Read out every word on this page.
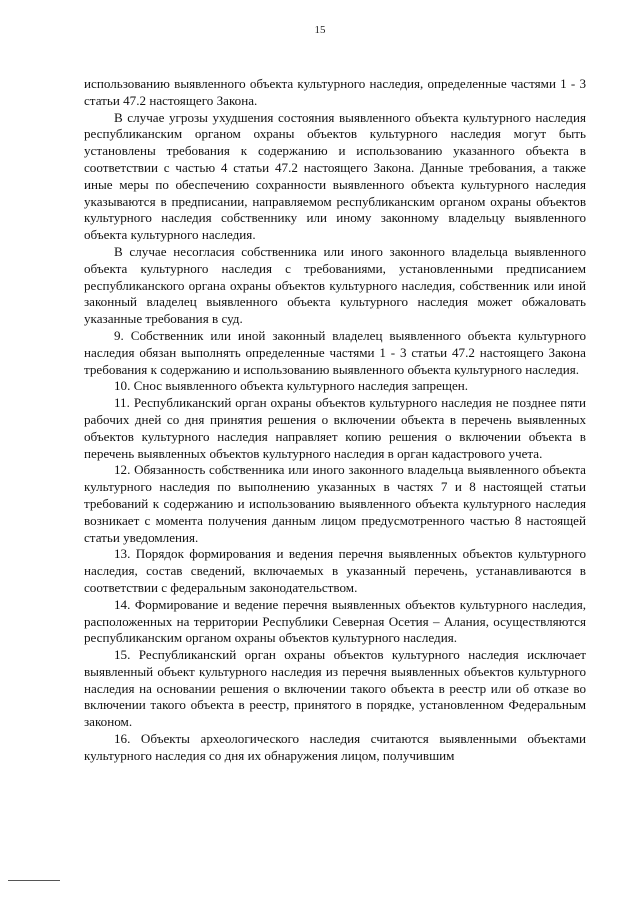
15

использованию выявленного объекта культурного наследия, определенные частями 1 - 3 статьи 47.2 настоящего Закона.

В случае угрозы ухудшения состояния выявленного объекта культурного наследия республиканским органом охраны объектов культурного наследия могут быть установлены требования к содержанию и использованию указанного объекта в соответствии с частью 4 статьи 47.2 настоящего Закона. Данные требования, а также иные меры по обеспечению сохранности выявленного объекта культурного наследия указываются в предписании, направляемом республиканским органом охраны объектов культурного наследия собственнику или иному законному владельцу выявленного объекта культурного наследия.

В случае несогласия собственника или иного законного владельца выявленного объекта культурного наследия с требованиями, установленными предписанием республиканского органа охраны объектов культурного наследия, собственник или иной законный владелец выявленного объекта культурного наследия может обжаловать указанные требования в суд.

9. Собственник или иной законный владелец выявленного объекта культурного наследия обязан выполнять определенные частями 1 - 3 статьи 47.2 настоящего Закона требования к содержанию и использованию выявленного объекта культурного наследия.

10. Снос выявленного объекта культурного наследия запрещен.

11. Республиканский орган охраны объектов культурного наследия не позднее пяти рабочих дней со дня принятия решения о включении объекта в перечень выявленных объектов культурного наследия направляет копию решения о включении объекта в перечень выявленных объектов культурного наследия в орган кадастрового учета.

12. Обязанность собственника или иного законного владельца выявленного объекта культурного наследия по выполнению указанных в частях 7 и 8 настоящей статьи требований к содержанию и использованию выявленного объекта культурного наследия возникает с момента получения данным лицом предусмотренного частью 8 настоящей статьи уведомления.

13. Порядок формирования и ведения перечня выявленных объектов культурного наследия, состав сведений, включаемых в указанный перечень, устанавливаются в соответствии с федеральным законодательством.

14. Формирование и ведение перечня выявленных объектов культурного наследия, расположенных на территории Республики Северная Осетия – Алания, осуществляются республиканским органом охраны объектов культурного наследия.

15. Республиканский орган охраны объектов культурного наследия исключает выявленный объект культурного наследия из перечня выявленных объектов культурного наследия на основании решения о включении такого объекта в реестр или об отказе во включении такого объекта в реестр, принятого в порядке, установленном Федеральным законом.

16. Объекты археологического наследия считаются выявленными объектами культурного наследия со дня их обнаружения лицом, получившим
